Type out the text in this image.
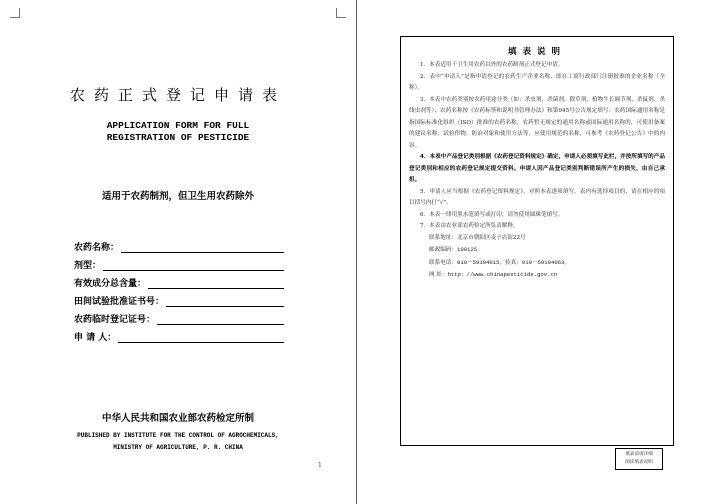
农药正式登记申请表
APPLICATION FORM FOR FULL
REGISTRATION OF PESTICIDE
适用于农药制剂，但卫生用农药除外
农药名称：
剂型：
有效成分总含量：
田间试验批准证书号：
农药临时登记证号：
申 请 人：
中华人民共和国农业部农药检定所制
PUBLISHED BY INSTITUTE FOR THE CONTROL OF AGROCHEMICALS,
MINISTRY OF AGRICULTURE, P. R. CHINA
1
填表说明

1．本表适用于卫生用农药以外的农药制剂正式登记申请。

2．表中“申请人”是指申请登记的农药生产企业名称，即在工商行政部门注册批准的企业名称（全称）。

3．本表中农药类别按农药用途分类（如：杀虫剂、杀菌剂、除草剂、植物生长调节剂、杀鼠剂、杀线虫剂等）；农药名称按《农药标签和说明书管理办法》和第945号公告规定填写；农药国际通用名称是指国际标准化组织（ISO）批准的农药名称，农药暂无规定的通用名称或国际通用名称的，可使用备案的建议名称；试验作物、防治对象和使用方法等，应使用规范的名称，可参考《农药登记公告》中的内容。

4．本表中产品登记类别根据《农药登记资料规定》确定，申请人必须填写此栏，并按所填写的产品登记类别和相应的农药登记规定提交资料。申请人因产品登记类别判断错误所产生的损失，由自己承担。

5．申请人应当根据《农药登记资料规定》，对照本表逐项填写。表内有选择项目的，请在相应的项目括号内打“√”。

6．本表一律用黑水笔填写或打印，请勿使用圆珠笔填写。

7．本表由农业部农药检定所负责解释。

联系地址：北京市朝阳区麦子店街22号

邮政编码：100125

联系电话：010－59194015，传真：010－59194063。

网 址：http：//www.chinapesticide.gov.cn

填表前请详细
阅读填表说明
